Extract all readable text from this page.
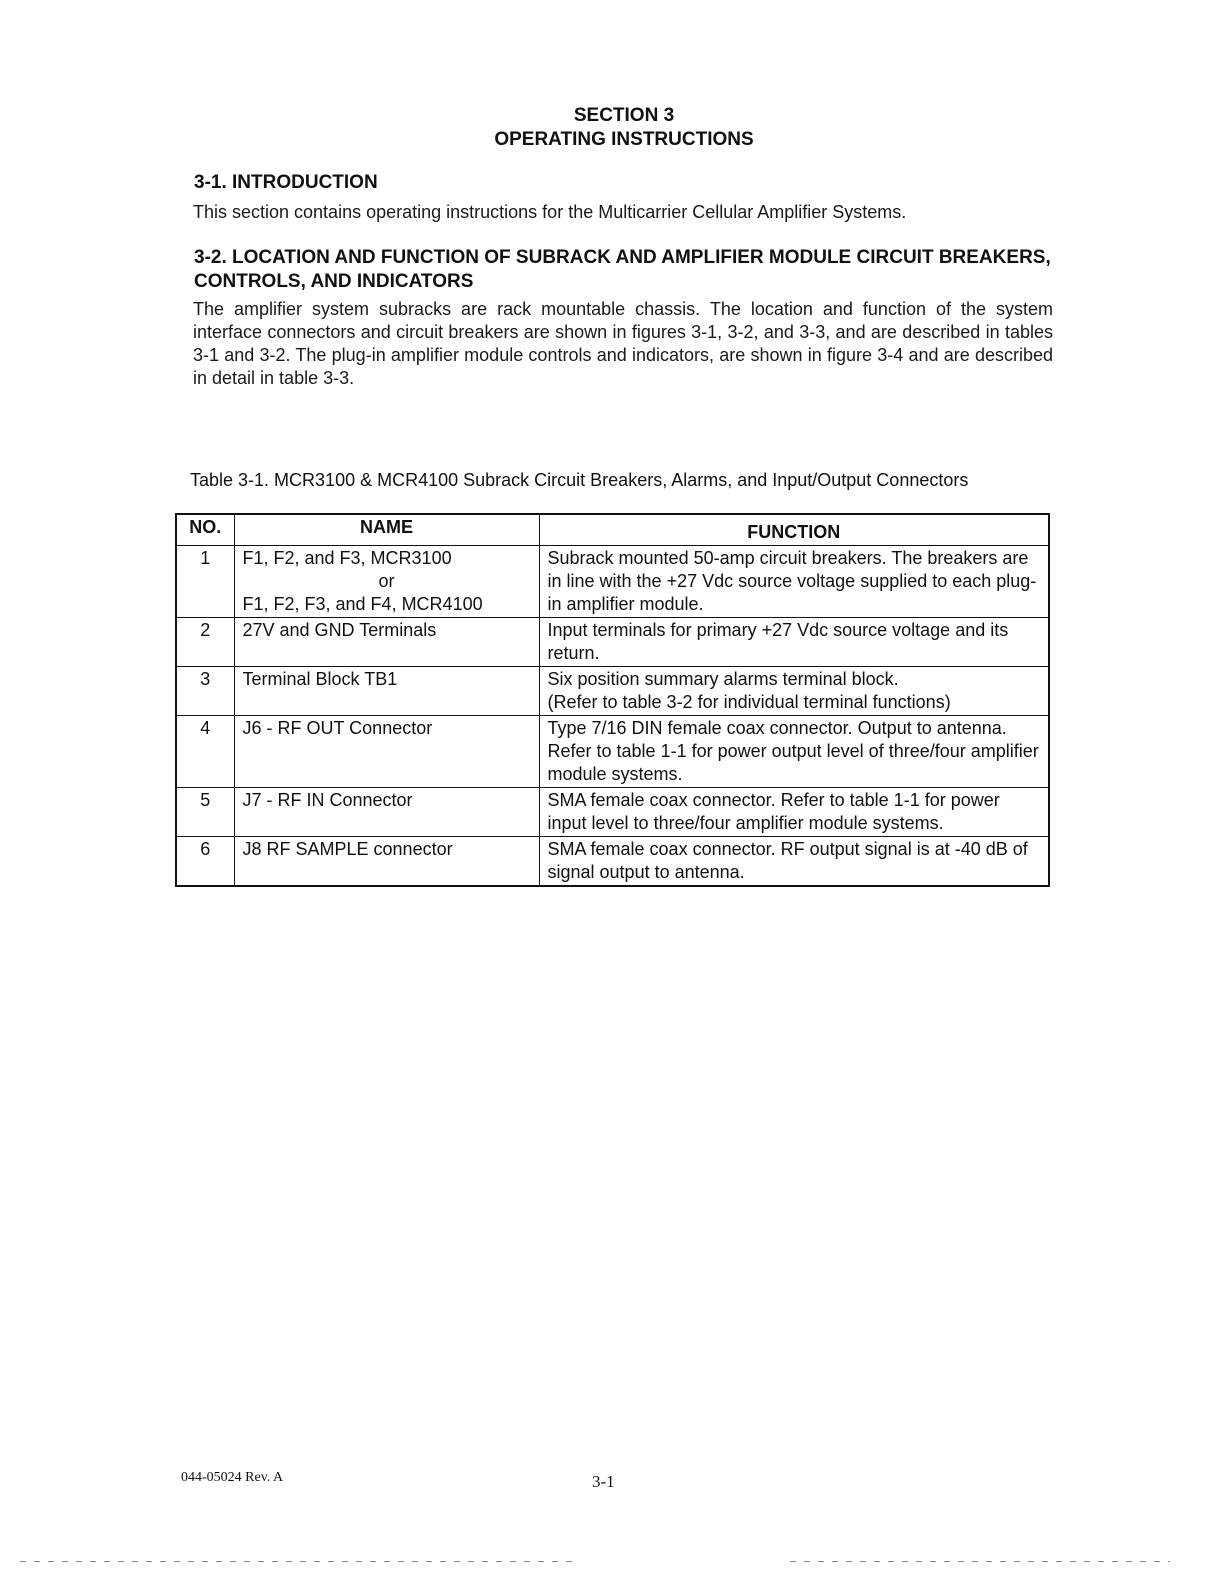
SECTION 3
OPERATING INSTRUCTIONS
3-1. INTRODUCTION
This section contains operating instructions for the Multicarrier Cellular Amplifier Systems.
3-2. LOCATION AND FUNCTION OF SUBRACK AND AMPLIFIER MODULE CIRCUIT BREAKERS, CONTROLS, AND INDICATORS
The amplifier system subracks are rack mountable chassis. The location and function of the system interface connectors and circuit breakers are shown in figures 3-1, 3-2, and 3-3, and are described in tables 3-1 and 3-2. The plug-in amplifier module controls and indicators, are shown in figure 3-4 and are described in detail in table 3-3.
Table 3-1. MCR3100 & MCR4100 Subrack Circuit Breakers, Alarms, and Input/Output Connectors
NO.	NAME	FUNCTION
1	F1, F2, and F3, MCR3100
or
F1, F2, F3, and F4, MCR4100	Subrack mounted 50-amp circuit breakers. The breakers are in line with the +27 Vdc source voltage supplied to each plug-in amplifier module.
2	27V and GND Terminals	Input terminals for primary +27 Vdc source voltage and its return.
3	Terminal Block TB1	Six position summary alarms terminal block.
(Refer to table 3-2 for individual terminal functions)

4	J6 - RF OUT Connector	Type 7/16 DIN female coax connector. Output to antenna. Refer to table 1-1 for power output level of three/four amplifier module systems.
5	J7 - RF IN Connector	SMA female coax connector. Refer to table 1-1 for power input level to three/four amplifier module systems.
6	J8 RF SAMPLE connector	SMA female coax connector. RF output signal is at -40 dB of signal output to antenna.
044-05024 Rev. A	3-1
